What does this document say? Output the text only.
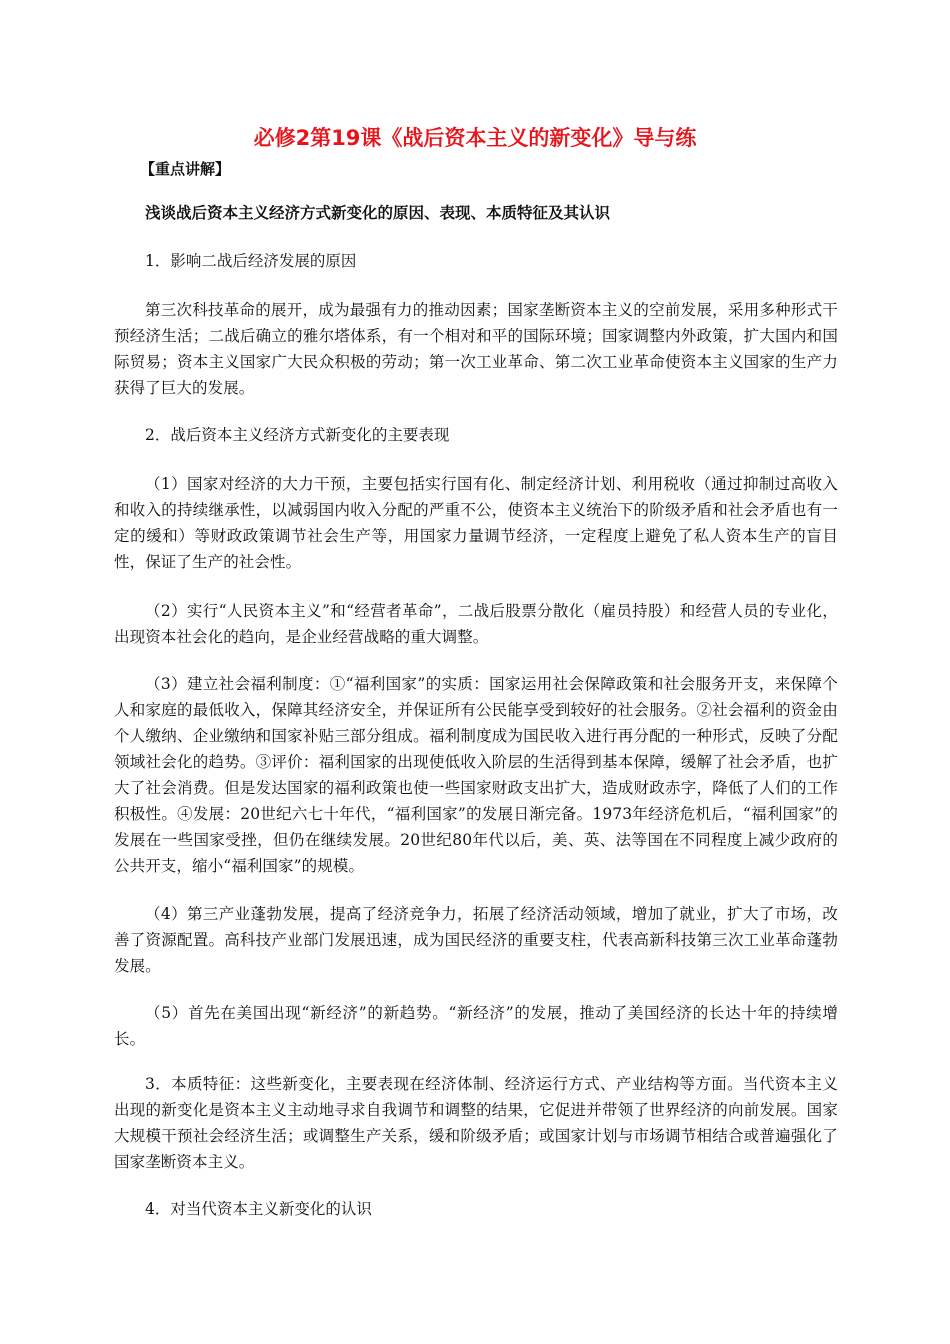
必修2第19课《战后资本主义的新变化》导与练
【重点讲解】
浅谈战后资本主义经济方式新变化的原因、表现、本质特征及其认识
1．影响二战后经济发展的原因
第三次科技革命的展开，成为最强有力的推动因素；国家垄断资本主义的空前发展，采用多种形式干预经济生活；二战后确立的雅尔塔体系，有一个相对和平的国际环境；国家调整内外政策，扩大国内和国际贸易；资本主义国家广大民众积极的劳动；第一次工业革命、第二次工业革命使资本主义国家的生产力获得了巨大的发展。
2．战后资本主义经济方式新变化的主要表现
（1）国家对经济的大力干预，主要包括实行国有化、制定经济计划、利用税收（通过抑制过高收入和收入的持续继承性，以减弱国内收入分配的严重不公，使资本主义统治下的阶级矛盾和社会矛盾也有一定的缓和）等财政政策调节社会生产等，用国家力量调节经济，一定程度上避免了私人资本生产的盲目性，保证了生产的社会性。
（2）实行“人民资本主义”和“经营者革命”，二战后股票分散化（雇员持股）和经营人员的专业化，出现资本社会化的趋向，是企业经营战略的重大调整。
（3）建立社会福利制度：①“福利国家”的实质：国家运用社会保障政策和社会服务开支，来保障个人和家庭的最低收入，保障其经济安全，并保证所有公民能享受到较好的社会服务。②社会福利的资金由个人缴纳、企业缴纳和国家补贴三部分组成。福利制度成为国民收入进行再分配的一种形式，反映了分配领域社会化的趋势。③评价：福利国家的出现使低收入阶层的生活得到基本保障，缓解了社会矛盾，也扩大了社会消费。但是发达国家的福利政策也使一些国家财政支出扩大，造成财政赤字，降低了人们的工作积极性。④发展：20世纪六七十年代，“福利国家”的发展日渐完备。1973年经济危机后，“福利国家”的发展在一些国家受挫，但仍在继续发展。20世纪80年代以后，美、英、法等国在不同程度上减少政府的公共开支，缩小“福利国家”的规模。
（4）第三产业蓬勃发展，提高了经济竞争力，拓展了经济活动领域，增加了就业，扩大了市场，改善了资源配置。高科技产业部门发展迅速，成为国民经济的重要支柱，代表高新科技第三次工业革命蓬勃发展。
（5）首先在美国出现“新经济”的新趋势。“新经济”的发展，推动了美国经济的长达十年的持续增长。
3．本质特征：这些新变化，主要表现在经济体制、经济运行方式、产业结构等方面。当代资本主义出现的新变化是资本主义主动地寻求自我调节和调整的结果，它促进并带领了世界经济的向前发展。国家大规模干预社会经济生活；或调整生产关系，缓和阶级矛盾；或国家计划与市场调节相结合或普遍强化了国家垄断资本主义。
4．对当代资本主义新变化的认识
